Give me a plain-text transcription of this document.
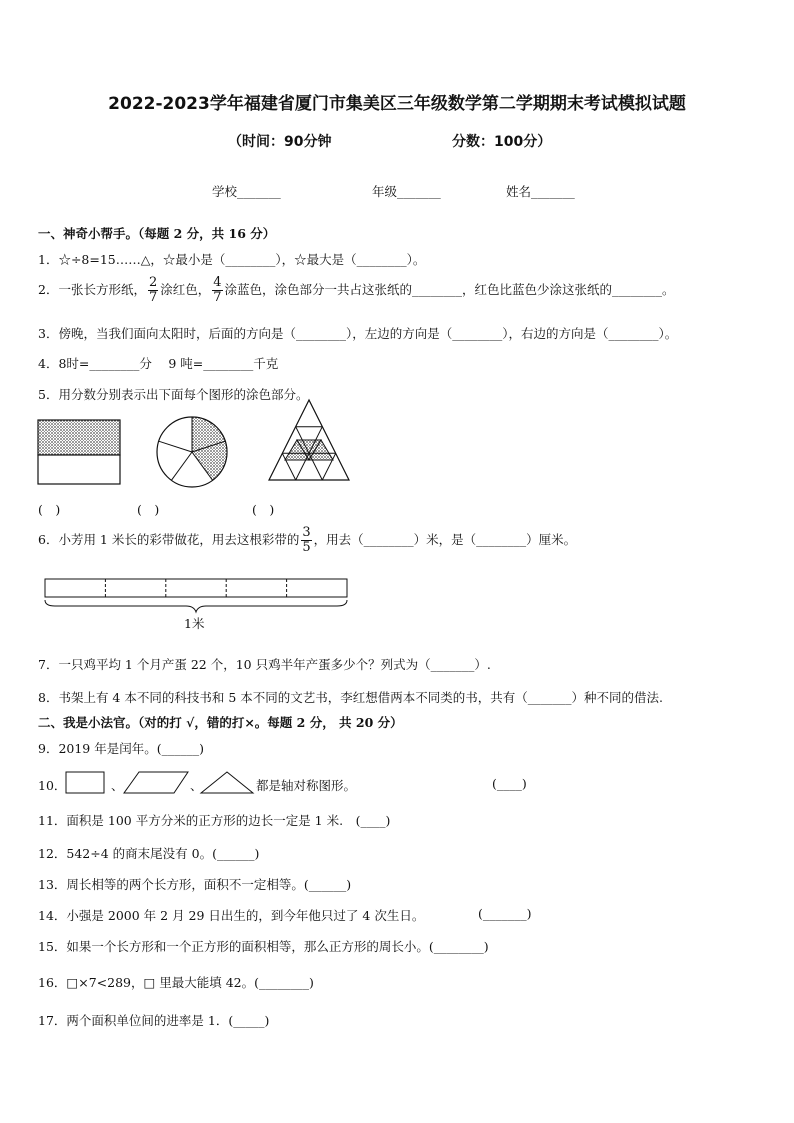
2022-2023学年福建省厦门市集美区三年级数学第二学期期末考试模拟试题
（时间：90分钟	分数：100分）
学校_______	年级_______	姓名_______
一、神奇小帮手。（每题 2 分，共 16 分）
1．☆÷8=15……△，☆最小是（________），☆最大是（________）。
2．一张长方形纸， $\frac{2}{7}$ 涂红色， $\frac{4}{7}$ 涂蓝色，涂色部分一共占这张纸的________，红色比蓝色少涂这张纸的________。
3．傍晚，当我们面向太阳时，后面的方向是（________），左边的方向是（________），右边的方向是（________）。
4．8时=________分　 9 吨=________千克
5．用分数分别表示出下面每个图形的涂色部分。
(　)	(　)	(　)
6．小芳用 1 米长的彩带做花，用去这根彩带的 $\frac{3}{5}$ ，用去（________）米，是（________）厘米。
1米
7．一只鸡平均 1 个月产蛋 22 个，10 只鸡半年产蛋多少个？列式为（_______）.
8．书架上有 4 本不同的科技书和 5 本不同的文艺书，李红想借两本不同类的书，共有（_______）种不同的借法.
二、我是小法官。（对的打 √，错的打×。每题 2 分， 共 20 分）
9．2019 年是闰年。(______)
10．	、	、	都是轴对称图形。	(____)
11．面积是 100 平方分米的正方形的边长一定是 1 米.　(____)
12．542÷4 的商末尾没有 0。(______)
13．周长相等的两个长方形，面积不一定相等。(______)
14．小强是 2000 年 2 月 29 日出生的，到今年他只过了 4 次生日。	(_______)
15．如果一个长方形和一个正方形的面积相等，那么正方形的周长小。(________)
16．□×7<289，□ 里最大能填 42。(________)
17．两个面积单位间的进率是 1．(_____)
